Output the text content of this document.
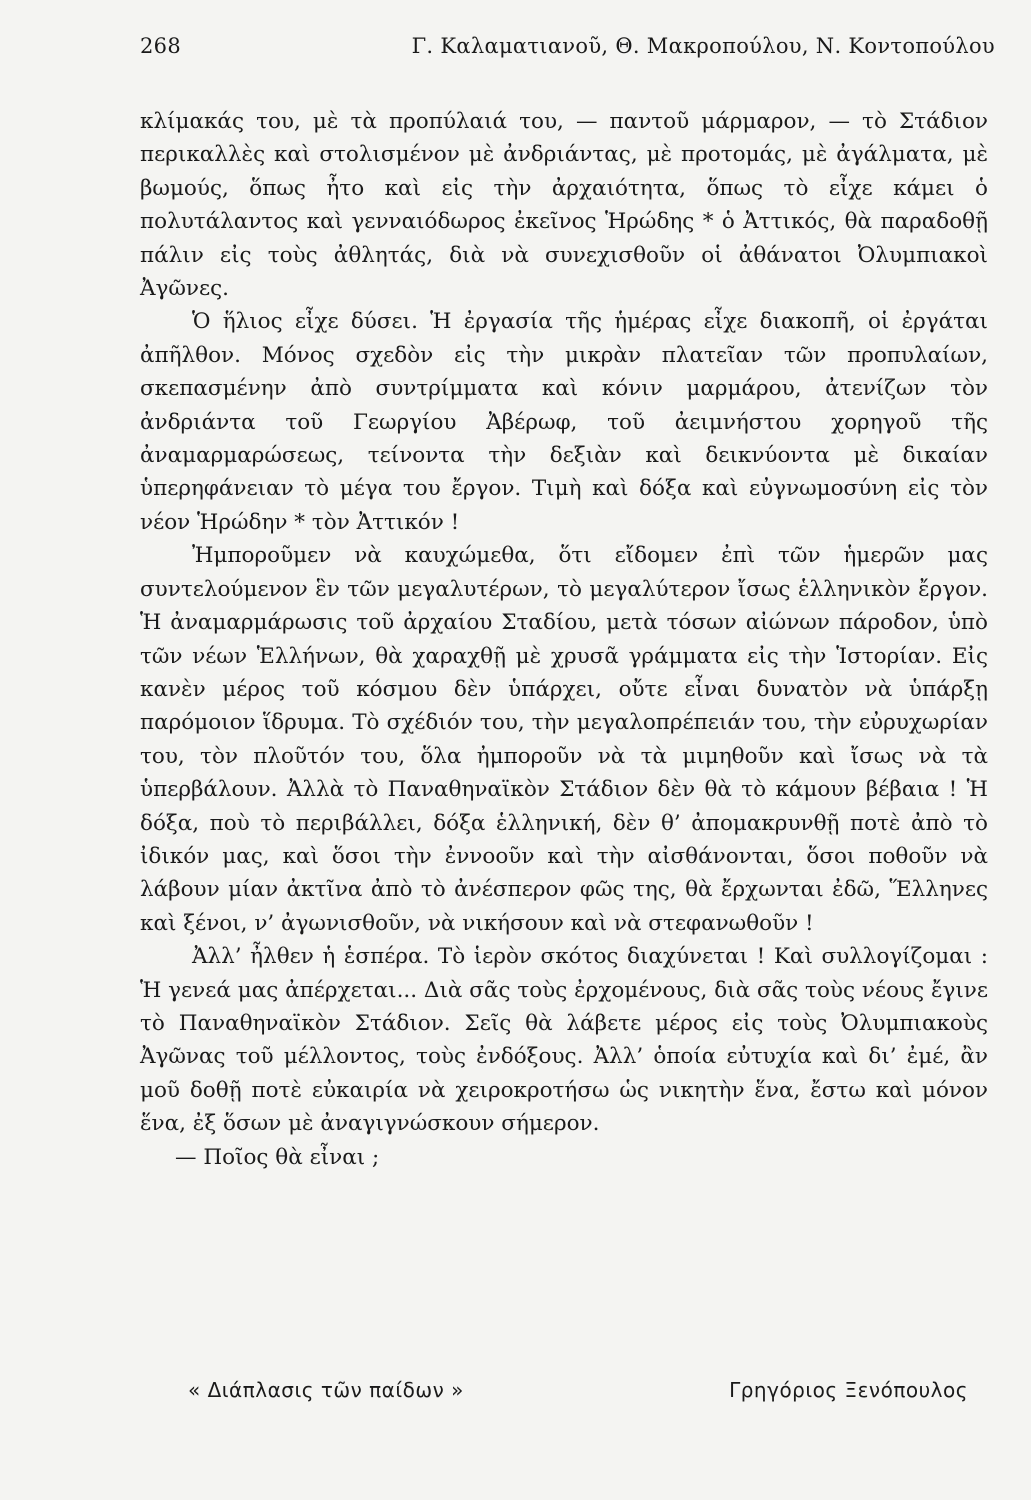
268	Γ. Καλαματιανοῦ, Θ. Μακροπούλου, Ν. Κοντοπούλου

κλίμακάς του, μὲ τὰ προπύλαιά του, — παντοῦ μάρμαρον, — τὸ Στάδιον περικαλλὲς καὶ στολισμένον μὲ ἀνδριάντας, μὲ προτομάς, μὲ ἀγάλματα, μὲ βωμούς, ὅπως ἦτο καὶ εἰς τὴν ἀρχαιότητα, ὅπως τὸ εἶχε κάμει ὁ πολυτάλαντος καὶ γενναιόδωρος ἐκεῖνος Ἡρώδης * ὁ Ἀττικός, θὰ παραδοθῇ πάλιν εἰς τοὺς ἀθλητάς, διὰ νὰ συνεχισθοῦν οἱ ἀθάνατοι Ὀλυμπιακοὶ Ἀγῶνες.

Ὁ ἥλιος εἶχε δύσει. Ἡ ἐργασία τῆς ἡμέρας εἶχε διακοπῆ, οἱ ἐργάται ἀπῆλθον. Μόνος σχεδὸν εἰς τὴν μικρὰν πλατεῖαν τῶν προπυλαίων, σκεπασμένην ἀπὸ συντρίμματα καὶ κόνιν μαρμάρου, ἀτενίζων τὸν ἀνδριάντα τοῦ Γεωργίου Ἀβέρωφ, τοῦ ἀειμνήστου χορηγοῦ τῆς ἀναμαρμαρώσεως, τείνοντα τὴν δεξιὰν καὶ δεικνύοντα μὲ δικαίαν ὑπερηφάνειαν τὸ μέγα του ἔργον. Τιμὴ καὶ δόξα καὶ εὐγνωμοσύνη εἰς τὸν νέον Ἡρώδην * τὸν Ἀττικόν !

Ἠμποροῦμεν νὰ καυχώμεθα, ὅτι εἴδομεν ἐπὶ τῶν ἡμερῶν μας συντελούμενον ἓν τῶν μεγαλυτέρων, τὸ μεγαλύτερον ἴσως ἑλληνικὸν ἔργον. Ἡ ἀναμαρμάρωσις τοῦ ἀρχαίου Σταδίου, μετὰ τόσων αἰώνων πάροδον, ὑπὸ τῶν νέων Ἑλλήνων, θὰ χαραχθῇ μὲ χρυσᾶ γράμματα εἰς τὴν Ἱστορίαν. Εἰς κανὲν μέρος τοῦ κόσμου δὲν ὑπάρχει, οὔτε εἶναι δυνατὸν νὰ ὑπάρξῃ παρόμοιον ἵδρυμα. Τὸ σχέδιόν του, τὴν μεγαλοπρέπειάν του, τὴν εὐρυχωρίαν του, τὸν πλοῦτόν του, ὅλα ἠμποροῦν νὰ τὰ μιμηθοῦν καὶ ἴσως νὰ τὰ ὑπερβάλουν. Ἀλλὰ τὸ Παναθηναϊκὸν Στάδιον δὲν θὰ τὸ κάμουν βέβαια ! Ἡ δόξα, ποὺ τὸ περιβάλλει, δόξα ἑλληνική, δὲν θ’ ἀπομακρυνθῇ ποτὲ ἀπὸ τὸ ἰδικόν μας, καὶ ὅσοι τὴν ἐννοοῦν καὶ τὴν αἰσθάνονται, ὅσοι ποθοῦν νὰ λάβουν μίαν ἀκτῖνα ἀπὸ τὸ ἀνέσπερον φῶς της, θὰ ἔρχωνται ἐδῶ, Ἕλληνες καὶ ξένοι, ν’ ἀγωνισθοῦν, νὰ νικήσουν καὶ νὰ στεφανωθοῦν !

Ἀλλ’ ἦλθεν ἡ ἑσπέρα. Τὸ ἱερὸν σκότος διαχύνεται ! Καὶ συλλογίζομαι : Ἡ γενεά μας ἀπέρχεται... Διὰ σᾶς τοὺς ἐρχομένους, διὰ σᾶς τοὺς νέους ἔγινε τὸ Παναθηναϊκὸν Στάδιον. Σεῖς θὰ λάβετε μέρος εἰς τοὺς Ὀλυμπιακοὺς Ἀγῶνας τοῦ μέλλοντος, τοὺς ἐνδόξους. Ἀλλ’ ὁποία εὐτυχία καὶ δι’ ἐμέ, ἂν μοῦ δοθῇ ποτὲ εὐκαιρία νὰ χειροκροτήσω ὡς νικητὴν ἕνα, ἔστω καὶ μόνον ἕνα, ἐξ ὅσων μὲ ἀναγιγνώσκουν σήμερον.

— Ποῖος θὰ εἶναι ;

« Διάπλασις τῶν παίδων »	Γρηγόριος Ξενόπουλος
